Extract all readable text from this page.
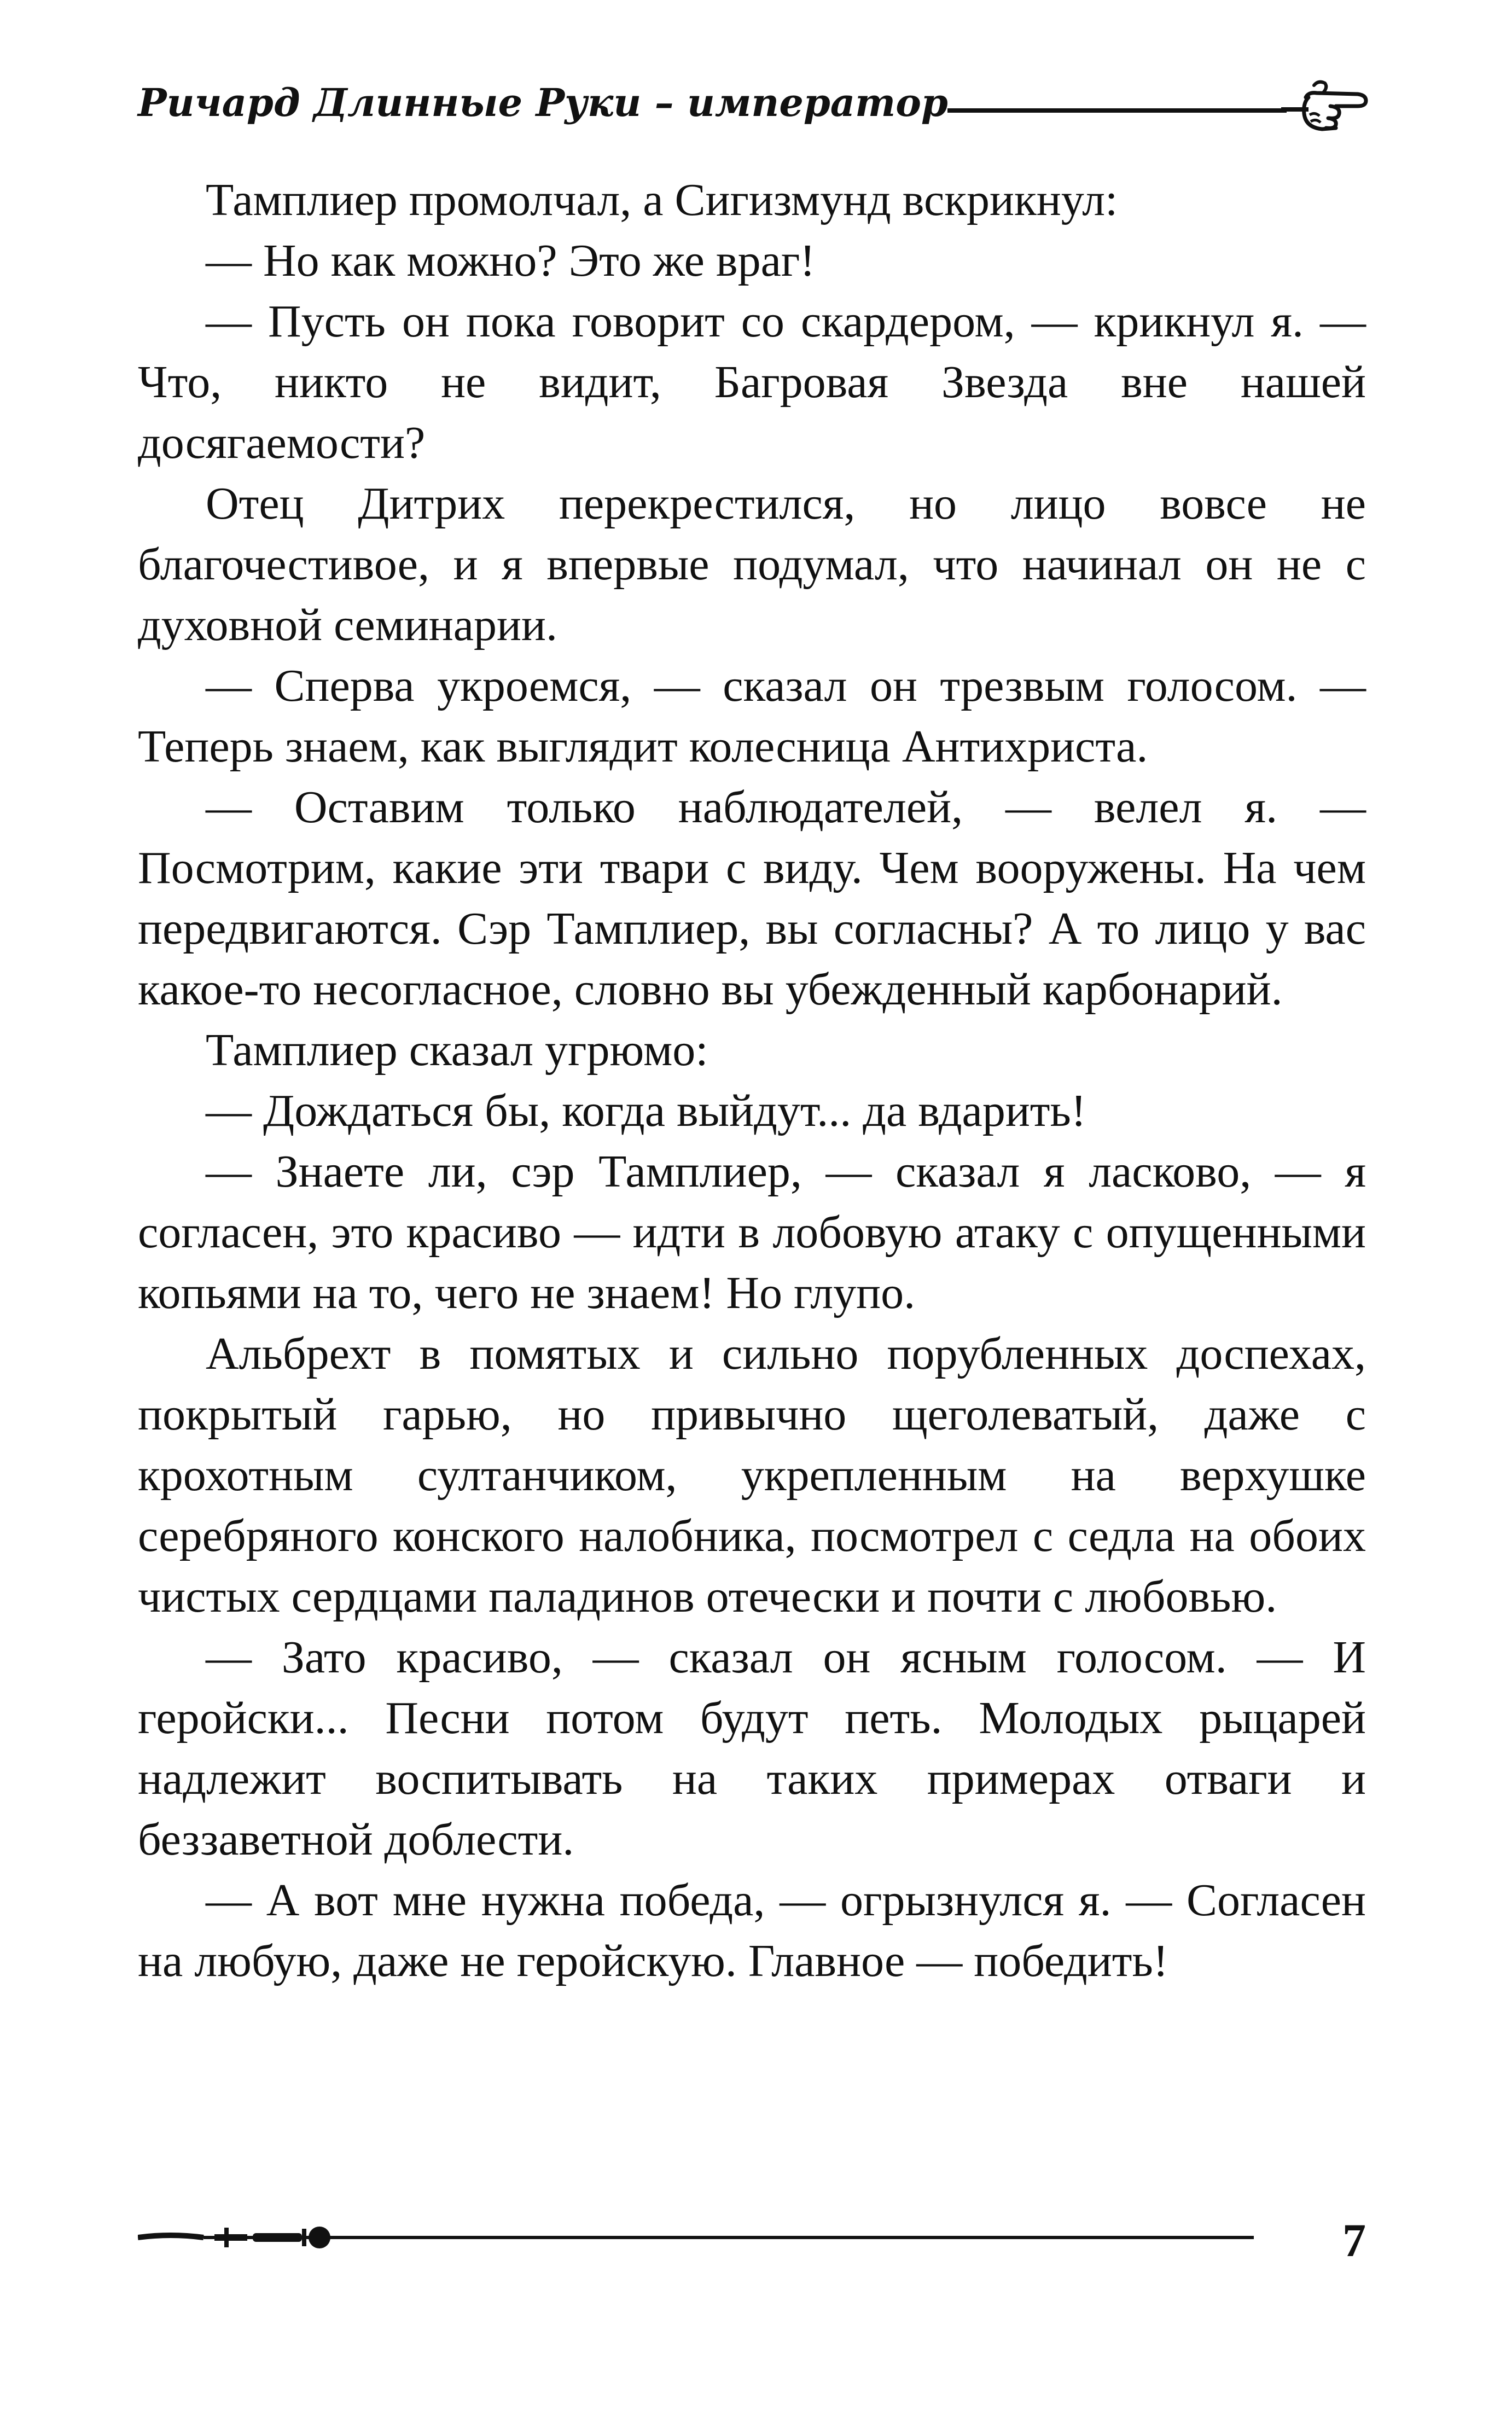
Ричард Длинные Руки – император

Тамплиер промолчал, а Сигизмунд вскрикнул:

— Но как можно? Это же враг!

— Пусть он пока говорит со скардером, — крикнул я. — Что, никто не видит, Багровая Звезда вне нашей досягаемости?

Отец Дитрих перекрестился, но лицо вовсе не благочестивое, и я впервые подумал, что начинал он не с духовной семинарии.

— Сперва укроемся, — сказал он трезвым голосом. — Теперь знаем, как выглядит колесница Антихриста.

— Оставим только наблюдателей, — велел я. — Посмотрим, какие эти твари с виду. Чем вооружены. На чем передвигаются. Сэр Тамплиер, вы согласны? А то лицо у вас какое-то несогласное, словно вы убежденный карбонарий.

Тамплиер сказал угрюмо:

— Дождаться бы, когда выйдут... да вдарить!

— Знаете ли, сэр Тамплиер, — сказал я ласково, — я согласен, это красиво — идти в лобовую атаку с опущенными копьями на то, чего не знаем! Но глупо.

Альбрехт в помятых и сильно порубленных доспехах, покрытый гарью, но привычно щеголеватый, даже с крохотным султанчиком, укрепленным на верхушке серебряного конского налобника, посмотрел с седла на обоих чистых сердцами паладинов отечески и почти с любовью.

— Зато красиво, — сказал он ясным голосом. — И геройски... Песни потом будут петь. Молодых рыцарей надлежит воспитывать на таких примерах отваги и беззаветной доблести.

— А вот мне нужна победа, — огрызнулся я. — Согласен на любую, даже не геройскую. Главное — победить!

7
